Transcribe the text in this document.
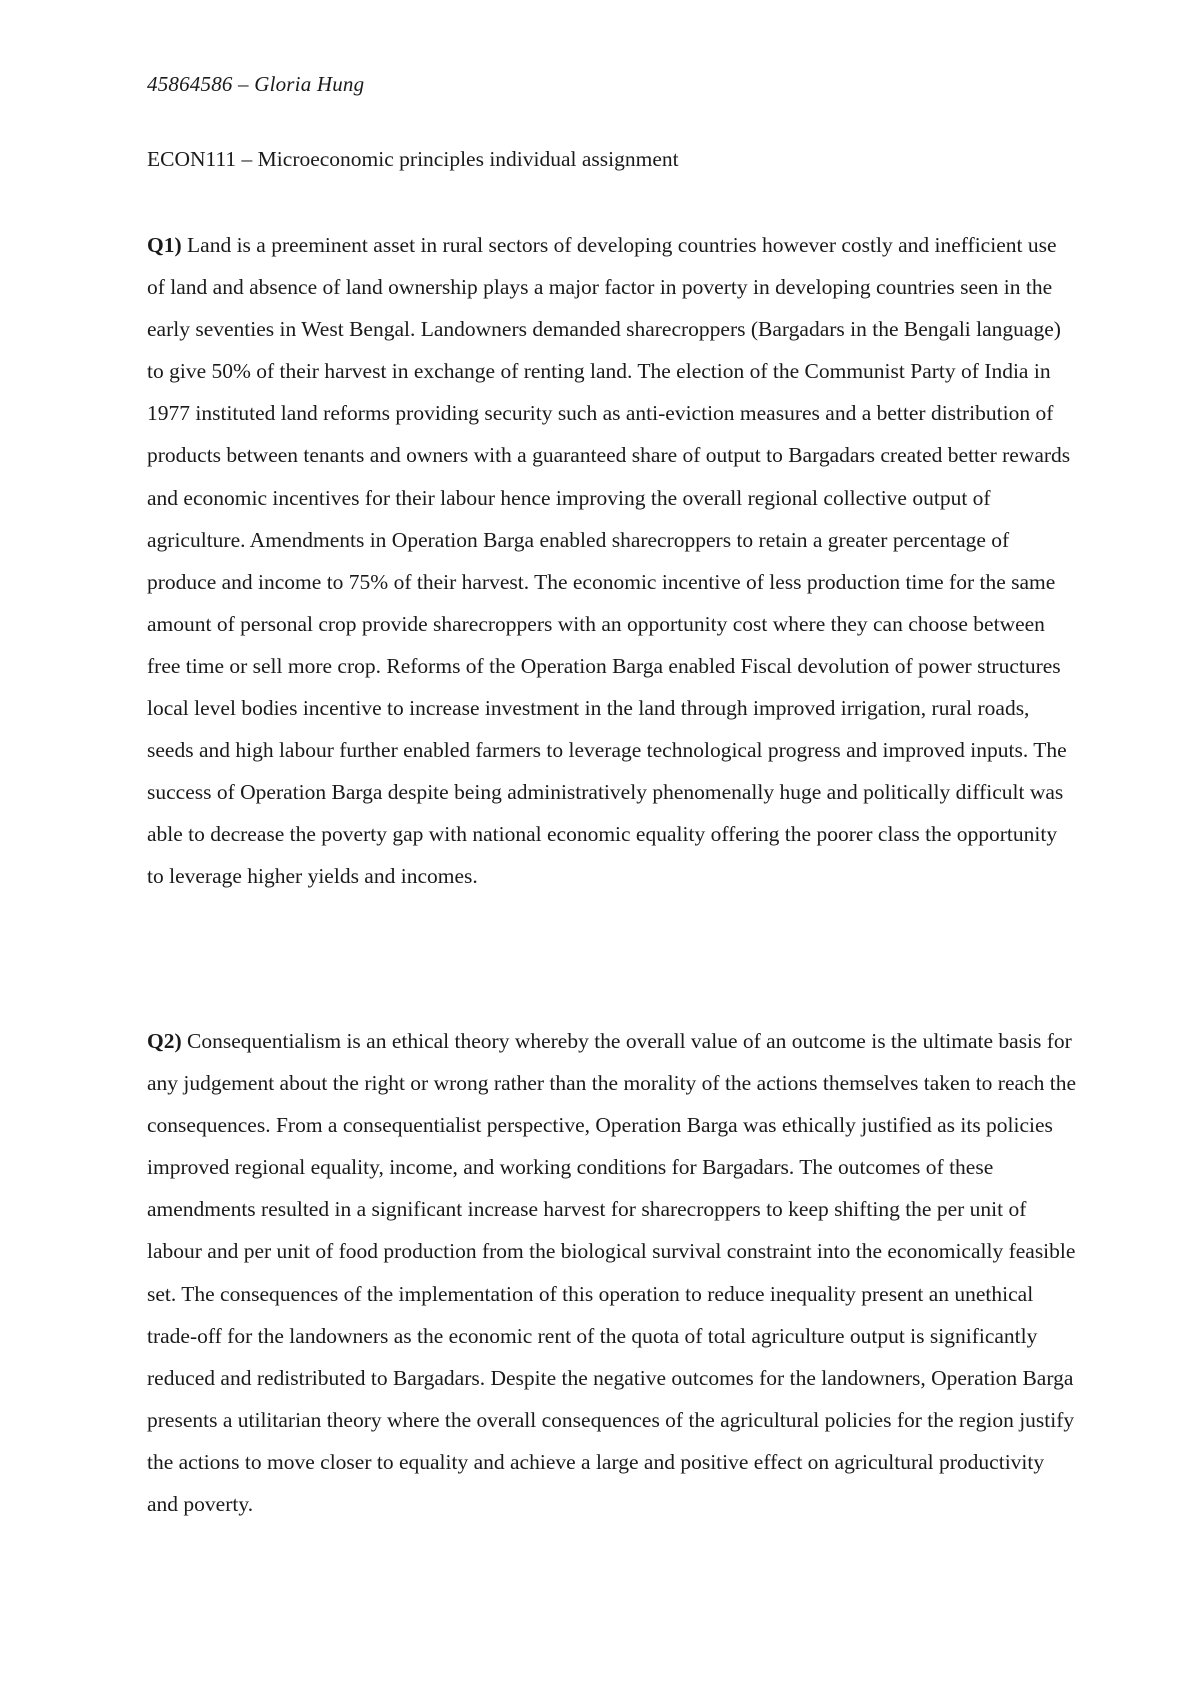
45864586 – Gloria Hung
ECON111 – Microeconomic principles individual assignment

Q1) Land is a preeminent asset in rural sectors of developing countries however costly and inefficient use of land and absence of land ownership plays a major factor in poverty in developing countries seen in the early seventies in West Bengal. Landowners demanded sharecroppers (Bargadars in the Bengali language) to give 50% of their harvest in exchange of renting land. The election of the Communist Party of India in 1977 instituted land reforms providing security such as anti-eviction measures and a better distribution of products between tenants and owners with a guaranteed share of output to Bargadars created better rewards and economic incentives for their labour hence improving the overall regional collective output of agriculture. Amendments in Operation Barga enabled sharecroppers to retain a greater percentage of produce and income to 75% of their harvest. The economic incentive of less production time for the same amount of personal crop provide sharecroppers with an opportunity cost where they can choose between free time or sell more crop. Reforms of the Operation Barga enabled Fiscal devolution of power structures local level bodies incentive to increase investment in the land through improved irrigation, rural roads, seeds and high labour further enabled farmers to leverage technological progress and improved inputs. The success of Operation Barga despite being administratively phenomenally huge and politically difficult was able to decrease the poverty gap with national economic equality offering the poorer class the opportunity to leverage higher yields and incomes.

Q2) Consequentialism is an ethical theory whereby the overall value of an outcome is the ultimate basis for any judgement about the right or wrong rather than the morality of the actions themselves taken to reach the consequences. From a consequentialist perspective, Operation Barga was ethically justified as its policies improved regional equality, income, and working conditions for Bargadars. The outcomes of these amendments resulted in a significant increase harvest for sharecroppers to keep shifting the per unit of labour and per unit of food production from the biological survival constraint into the economically feasible set. The consequences of the implementation of this operation to reduce inequality present an unethical trade-off for the landowners as the economic rent of the quota of total agriculture output is significantly reduced and redistributed to Bargadars. Despite the negative outcomes for the landowners, Operation Barga presents a utilitarian theory where the overall consequences of the agricultural policies for the region justify the actions to move closer to equality and achieve a large and positive effect on agricultural productivity and poverty.
